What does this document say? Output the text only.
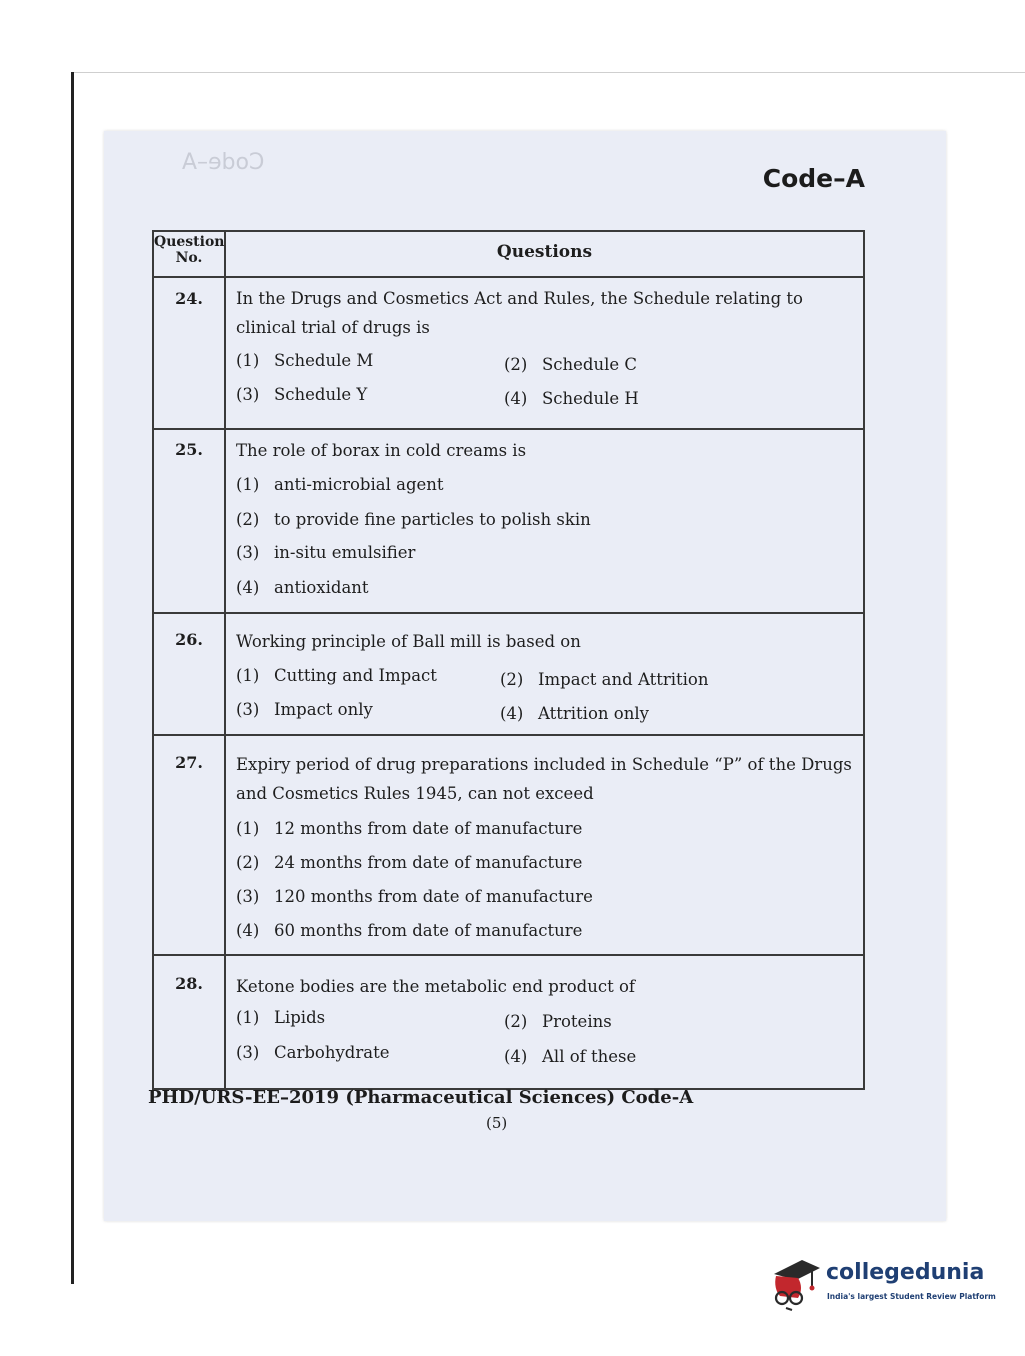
Code–A
Code–A
Question No.	Questions
24.	In the Drugs and Cosmetics Act and Rules, the Schedule relating to clinical trial of drugs is
(1) Schedule M	(2) Schedule C
(3) Schedule Y	(4) Schedule H
25.	The role of borax in cold creams is
(1) anti-microbial agent
(2) to provide fine particles to polish skin
(3) in-situ emulsifier
(4) antioxidant
26.	Working principle of Ball mill is based on
(1) Cutting and Impact	(2) Impact and Attrition
(3) Impact only	(4) Attrition only
27.	Expiry period of drug preparations included in Schedule “P” of the Drugs and Cosmetics Rules 1945, can not exceed
(1) 12 months from date of manufacture
(2) 24 months from date of manufacture
(3) 120 months from date of manufacture
(4) 60 months from date of manufacture
28.	Ketone bodies are the metabolic end product of
(1) Lipids	(2) Proteins
(3) Carbohydrate	(4) All of these
PHD/URS-EE–2019 (Pharmaceutical Sciences) Code-A
(5)
collegedunia
India's largest Student Review Platform
